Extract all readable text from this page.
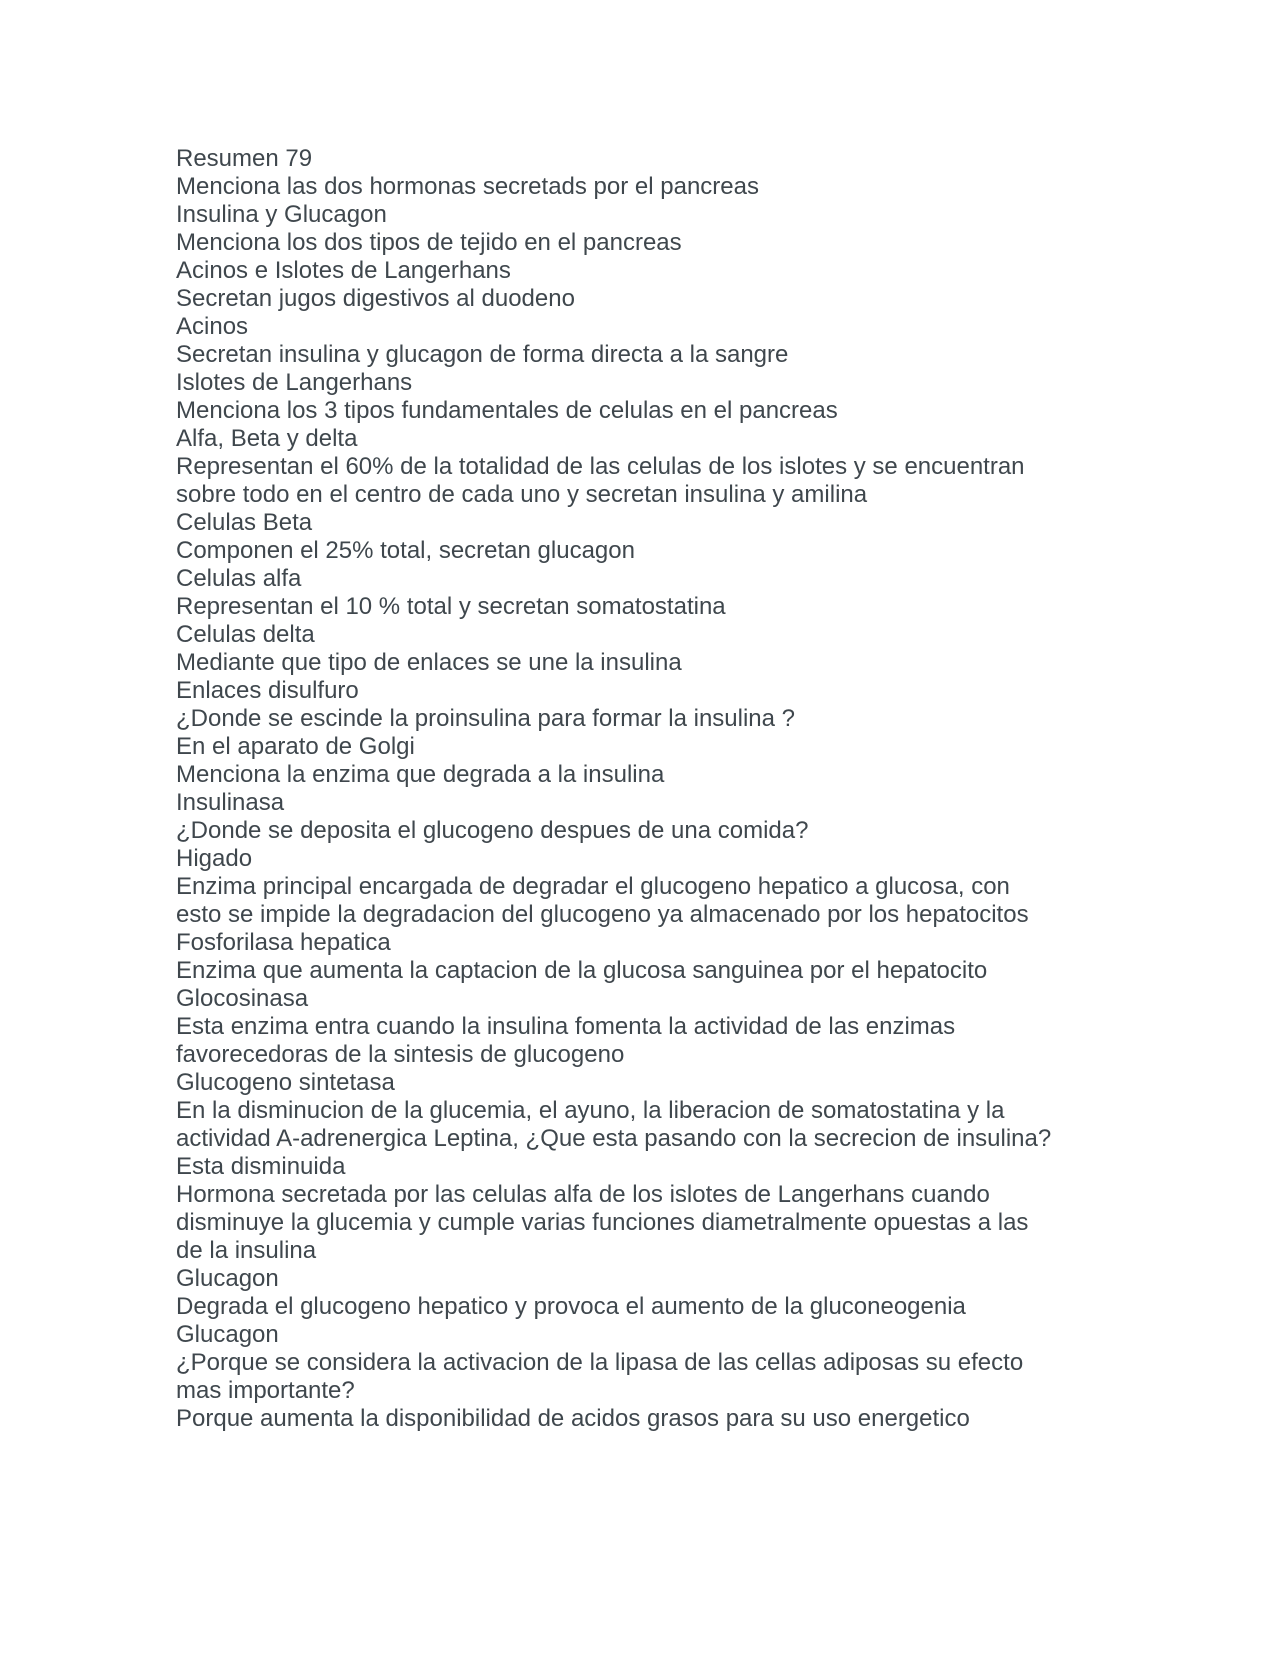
Resumen 79
Menciona las dos hormonas secretads por el pancreas
Insulina y Glucagon
Menciona los dos tipos de tejido en el pancreas
Acinos e Islotes de Langerhans
Secretan jugos digestivos al duodeno
Acinos
Secretan insulina y glucagon de forma directa a la sangre
Islotes de Langerhans
Menciona los 3 tipos fundamentales de celulas en el pancreas
Alfa, Beta y delta
Representan el 60% de la totalidad de las celulas de los islotes y se encuentran
sobre todo en el centro de cada uno y secretan insulina y amilina
Celulas Beta
Componen el 25% total, secretan glucagon
Celulas alfa
Representan el 10 % total y secretan somatostatina
Celulas delta
Mediante que tipo de enlaces se une la insulina
Enlaces disulfuro
¿Donde se escinde la proinsulina para formar la insulina ?
En el aparato de Golgi
Menciona la enzima que degrada a la insulina
Insulinasa
¿Donde se deposita el glucogeno despues de una comida?
Higado
Enzima principal encargada de degradar el glucogeno hepatico a glucosa, con
esto se impide la degradacion del glucogeno ya almacenado por los hepatocitos
Fosforilasa hepatica
Enzima que aumenta la captacion de la glucosa sanguinea por el hepatocito
Glocosinasa
Esta enzima entra cuando la insulina fomenta la actividad de las enzimas
favorecedoras de la sintesis de glucogeno
Glucogeno sintetasa
En la disminucion de la glucemia, el ayuno, la liberacion de somatostatina y la
actividad A-adrenergica Leptina, ¿Que esta pasando con la secrecion de insulina?
Esta disminuida
Hormona secretada por las celulas alfa de los islotes de Langerhans cuando
disminuye la glucemia y cumple varias funciones diametralmente opuestas a las
de la insulina
Glucagon
Degrada el glucogeno hepatico y provoca el aumento de la gluconeogenia
Glucagon
¿Porque se considera la activacion de la lipasa de las cellas adiposas su efecto
mas importante?
Porque aumenta la disponibilidad de acidos grasos para su uso energetico
